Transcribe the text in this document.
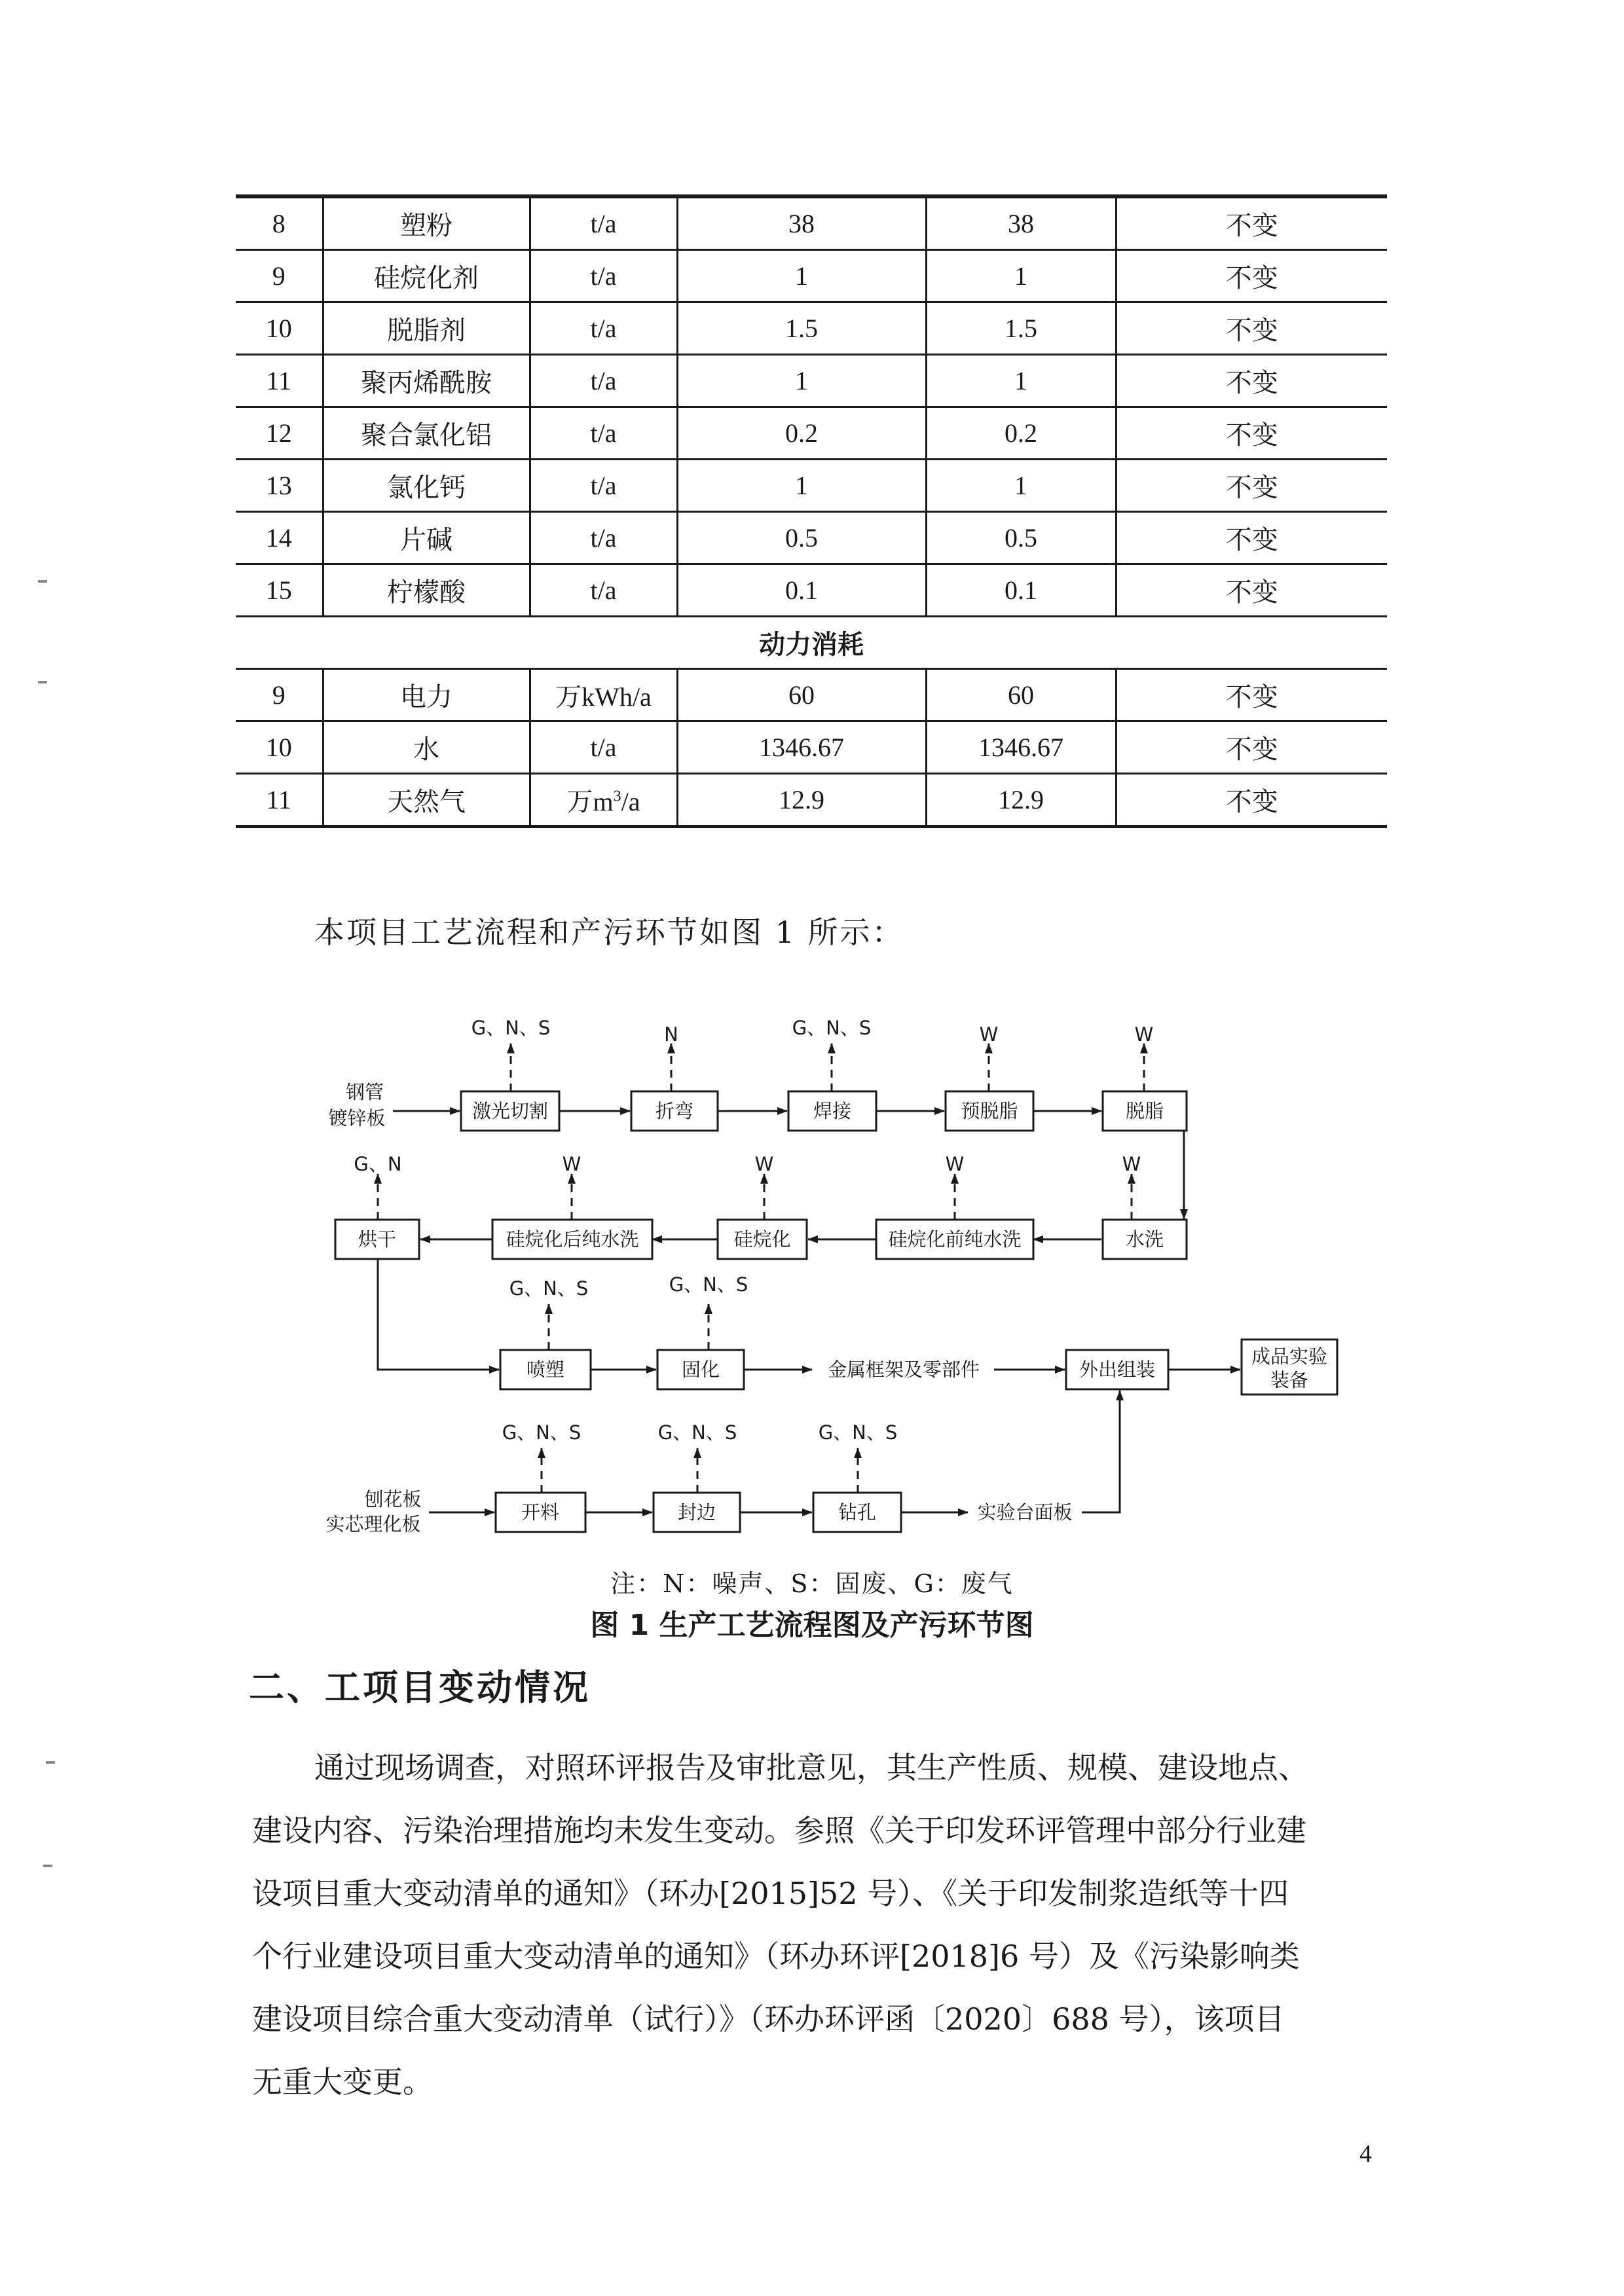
8	塑粉	t/a	38	38	不变
9	硅烷化剂	t/a	1	1	不变
10	脱脂剂	t/a	1.5	1.5	不变
11	聚丙烯酰胺	t/a	1	1	不变
12	聚合氯化铝	t/a	0.2	0.2	不变
13	氯化钙	t/a	1	1	不变
14	片碱	t/a	0.5	0.5	不变
15	柠檬酸	t/a	0.1	0.1	不变
动力消耗					
9	电力	万kWh/a	60	60	不变
10	水	t/a	1346.67	1346.67	不变
11	天然气	万$m^3/a$	12.9	12.9	不变
本项目工艺流程和产污环节如图 1 所示：
钢管
镀锌板
刨花板
实芯理化板
激光切割	折弯	焊接	预脱脂	脱脂
G、N、S	N	G、N、S	W	W
烘干	硅烷化后纯水洗	硅烷化	硅烷化前纯水洗	水洗
G、N	W	W	W	W
喷塑	固化
G、N、S	G、N、S
金属框架及零部件	外出组装
成品实验
装备
开料	封边	钻孔
G、N、S	G、N、S	G、N、S
实验台面板
注：N：噪声、S：固废、G：废气
图 1 生产工艺流程图及产污环节图
二、工项目变动情况
通过现场调查，对照环评报告及审批意见，其生产性质、规模、建设地点、
建设内容、污染治理措施均未发生变动。参照《关于印发环评管理中部分行业建
设项目重大变动清单的通知》（环办[2015]52 号）、《关于印发制浆造纸等十四
个行业建设项目重大变动清单的通知》（环办环评[2018]6 号）及《污染影响类
建设项目综合重大变动清单（试行）》（环办环评函〔2020〕688 号），该项目
无重大变更。
4
